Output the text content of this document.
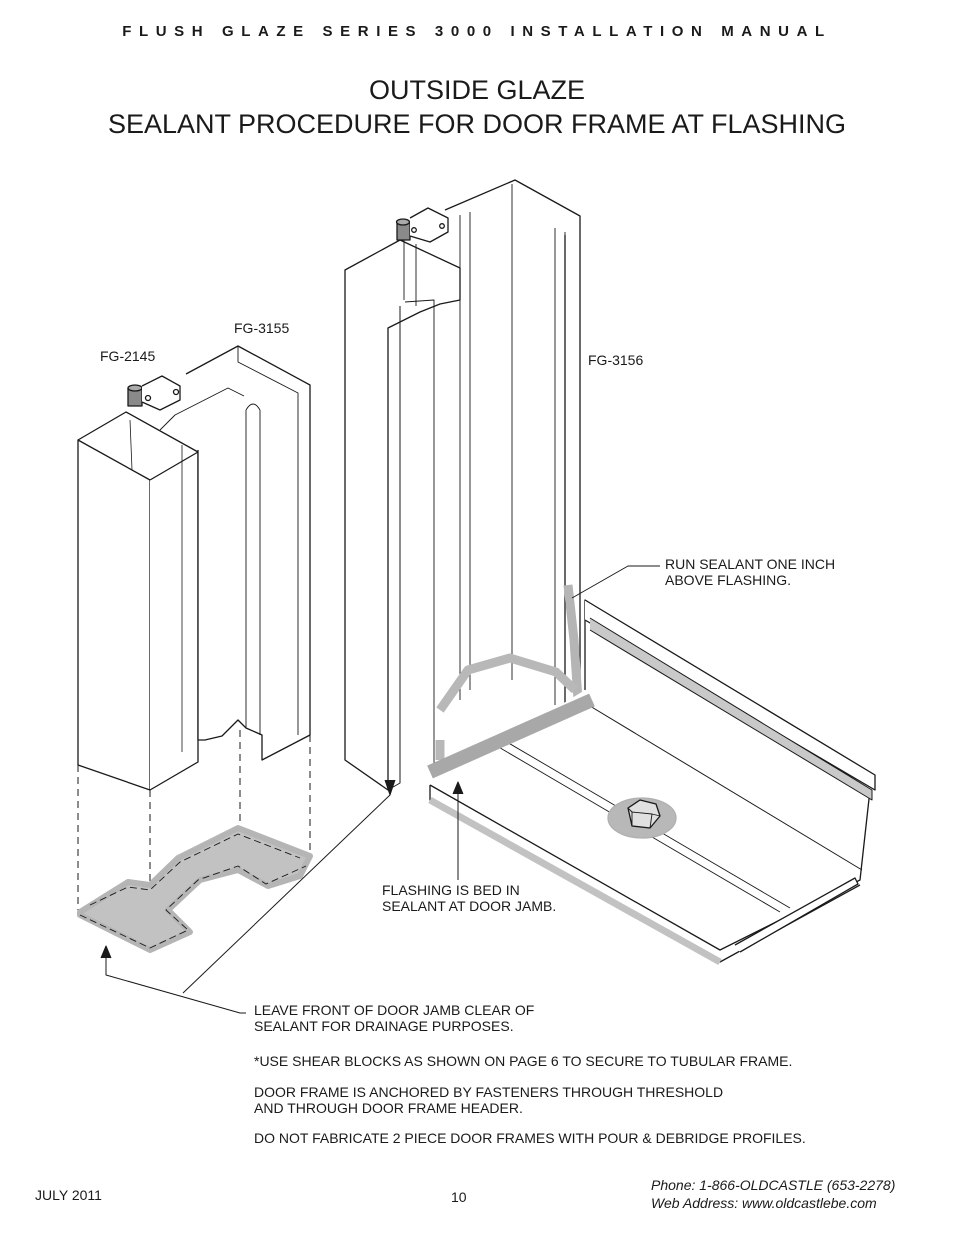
FLUSH GLAZE SERIES 3000 INSTALLATION MANUAL
OUTSIDE GLAZE
SEALANT PROCEDURE FOR DOOR FRAME AT FLASHING
FG-3155
FG-2145	FG-3156
RUN SEALANT ONE INCH
ABOVE FLASHING.
FLASHING IS BED IN
SEALANT AT DOOR JAMB.
LEAVE FRONT OF DOOR JAMB CLEAR OF
SEALANT FOR DRAINAGE PURPOSES.
*USE SHEAR BLOCKS AS SHOWN ON PAGE 6 TO SECURE TO TUBULAR FRAME.
DOOR FRAME IS ANCHORED BY FASTENERS THROUGH THRESHOLD
AND THROUGH DOOR FRAME HEADER.
DO NOT FABRICATE 2 PIECE DOOR FRAMES WITH POUR & DEBRIDGE PROFILES.
JULY 2011	10
Phone: 1-866-OLDCASTLE (653-2278)
Web Address: www.oldcastlebe.com
